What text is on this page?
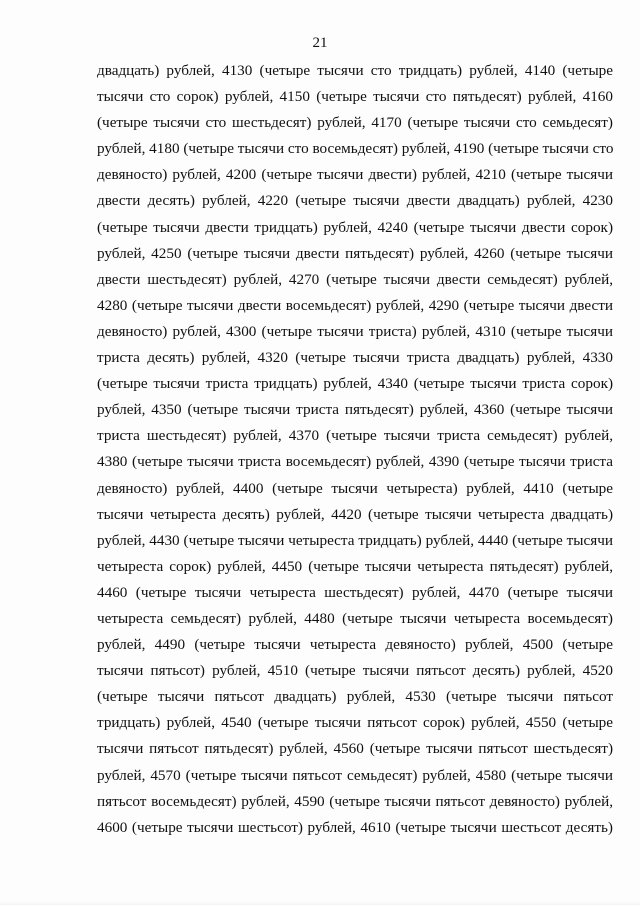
21
двадцать) рублей, 4130 (четыре тысячи сто тридцать) рублей, 4140 (четыре
тысячи сто сорок) рублей, 4150 (четыре тысячи сто пятьдесят) рублей, 4160
(четыре тысячи сто шестьдесят) рублей, 4170 (четыре тысячи сто семьдесят)
рублей, 4180 (четыре тысячи сто восемьдесят) рублей, 4190 (четыре тысячи сто
девяносто) рублей, 4200 (четыре тысячи двести) рублей, 4210 (четыре тысячи
двести десять) рублей, 4220 (четыре тысячи двести двадцать) рублей, 4230
(четыре тысячи двести тридцать) рублей, 4240 (четыре тысячи двести сорок)
рублей, 4250 (четыре тысячи двести пятьдесят) рублей, 4260 (четыре тысячи
двести шестьдесят) рублей, 4270 (четыре тысячи двести семьдесят) рублей,
4280 (четыре тысячи двести восемьдесят) рублей, 4290 (четыре тысячи двести
девяносто) рублей, 4300 (четыре тысячи триста) рублей, 4310 (четыре тысячи
триста десять) рублей, 4320 (четыре тысячи триста двадцать) рублей, 4330
(четыре тысячи триста тридцать) рублей, 4340 (четыре тысячи триста сорок)
рублей, 4350 (четыре тысячи триста пятьдесят) рублей, 4360 (четыре тысячи
триста шестьдесят) рублей, 4370 (четыре тысячи триста семьдесят) рублей,
4380 (четыре тысячи триста восемьдесят) рублей, 4390 (четыре тысячи триста
девяносто) рублей, 4400 (четыре тысячи четыреста) рублей, 4410 (четыре
тысячи четыреста десять) рублей, 4420 (четыре тысячи четыреста двадцать)
рублей, 4430 (четыре тысячи четыреста тридцать) рублей, 4440 (четыре тысячи
четыреста сорок) рублей, 4450 (четыре тысячи четыреста пятьдесят) рублей,
4460 (четыре тысячи четыреста шестьдесят) рублей, 4470 (четыре тысячи
четыреста семьдесят) рублей, 4480 (четыре тысячи четыреста восемьдесят)
рублей, 4490 (четыре тысячи четыреста девяносто) рублей, 4500 (четыре
тысячи пятьсот) рублей, 4510 (четыре тысячи пятьсот десять) рублей, 4520
(четыре тысячи пятьсот двадцать) рублей, 4530 (четыре тысячи пятьсот
тридцать) рублей, 4540 (четыре тысячи пятьсот сорок) рублей, 4550 (четыре
тысячи пятьсот пятьдесят) рублей, 4560 (четыре тысячи пятьсот шестьдесят)
рублей, 4570 (четыре тысячи пятьсот семьдесят) рублей, 4580 (четыре тысячи
пятьсот восемьдесят) рублей, 4590 (четыре тысячи пятьсот девяносто) рублей,
4600 (четыре тысячи шестьсот) рублей, 4610 (четыре тысячи шестьсот десять)
